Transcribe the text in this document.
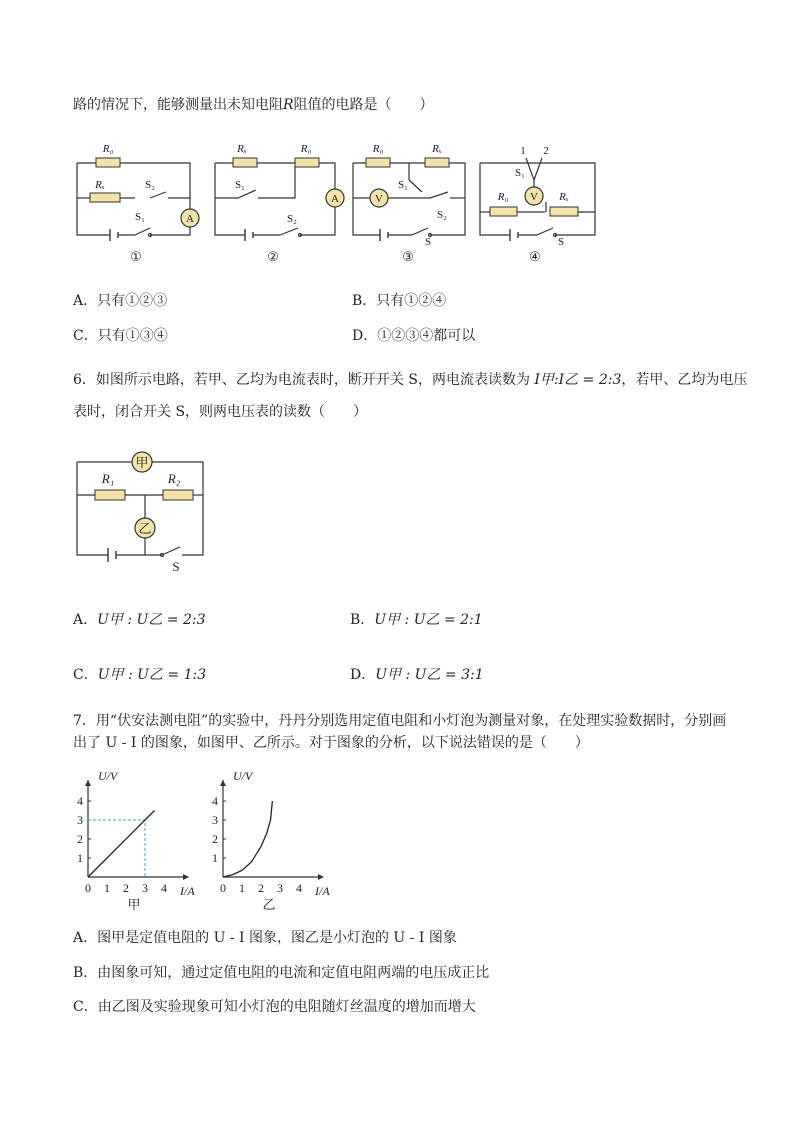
路的情况下，能够测量出未知电阻R阻值的电路是（　　）
A
A	V	V
R₀
Rₓ	S₂
S₁
Rₓ	R₀
S₁
S₂
R₀	Rₓ
S₁
S₂
S
R₀	Rₓ
1 2
S₁
S
①	②	③	④
A．只有①②③	B．只有①②④
C．只有①③④	D．①②③④都可以
6．如图所示电路，若甲、乙均为电流表时，断开开关 S，两电流表读数为 I甲:I乙 = 2:3，若甲、乙均为电压
表时，闭合开关 S，则两电压表的读数（　　）
甲
乙
R₁	R₂
S
A．U甲 : U乙 = 2:3	B．U甲 : U乙 = 2:1
C．U甲 : U乙 = 1:3	D．U甲 : U乙 = 3:1
7．用“伏安法测电阻”的实验中，丹丹分别选用定值电阻和小灯泡为测量对象，在处理实验数据时，分别画
出了 U - I 的图象，如图甲、乙所示。对于图象的分析，以下说法错误的是（　　）
0 1 2 3 4
1
2
3
4
U/V
I/A
甲
0 1 2 3 4
1
2
3
4
U/V
I/A
乙
A．图甲是定值电阻的 U - I 图象，图乙是小灯泡的 U - I 图象
B．由图象可知，通过定值电阻的电流和定值电阻两端的电压成正比
C．由乙图及实验现象可知小灯泡的电阻随灯丝温度的增加而增大
